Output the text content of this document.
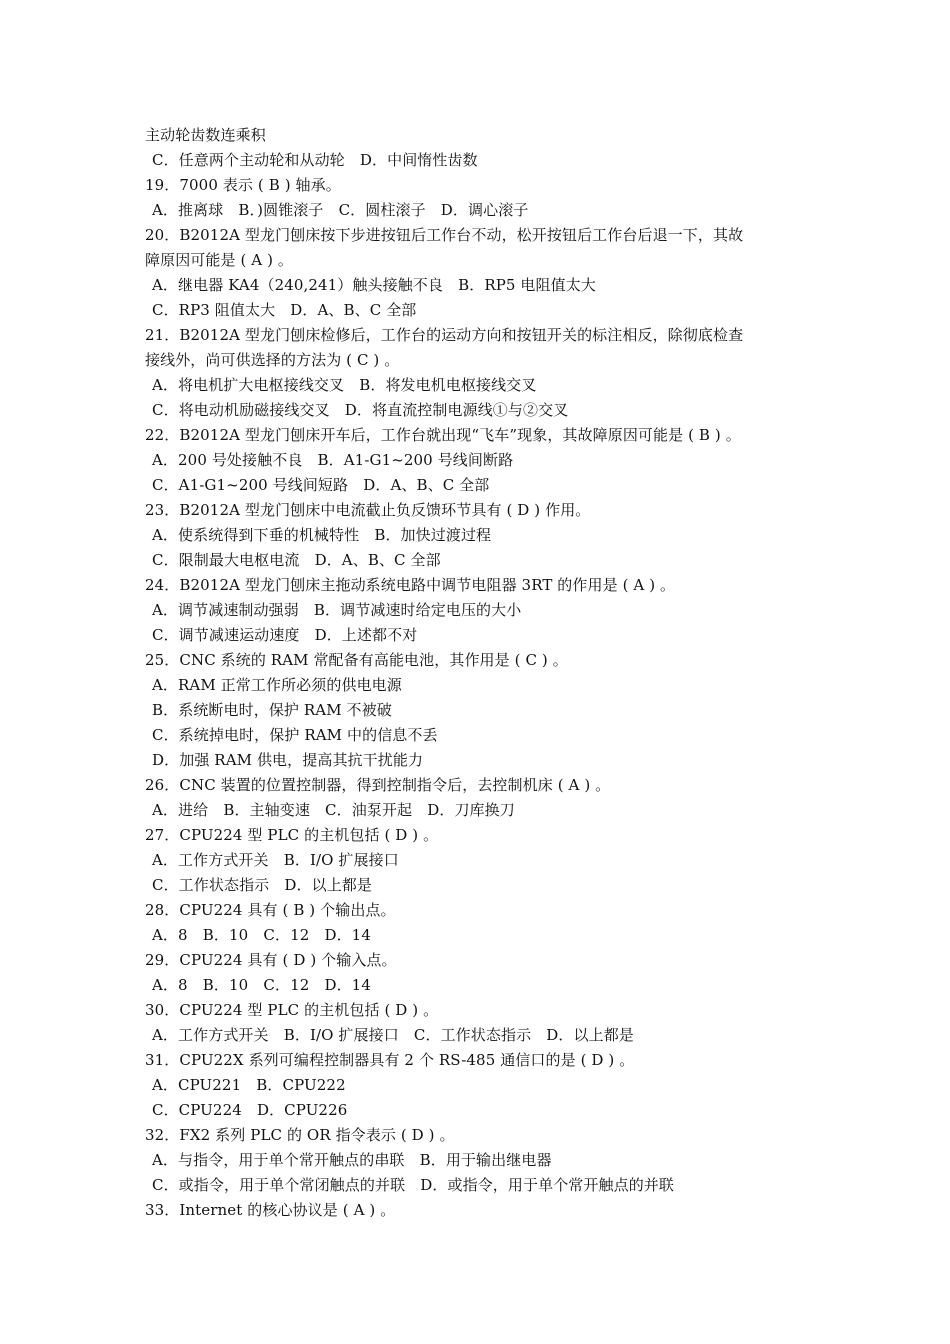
主动轮齿数连乘积
C．任意两个主动轮和从动轮　D．中间惰性齿数
19．7000 表示 ( B ) 轴承。
A．推离球　B．)圆锥滚子　C．圆柱滚子　D．调心滚子
20．B2012A 型龙门刨床按下步进按钮后工作台不动，松开按钮后工作台后退一下，其故
障原因可能是 ( A ) 。
A．继电器 KA4（240,241）触头接触不良　B．RP5 电阻值太大
C．RP3 阻值太大　D．A、B、C 全部
21．B2012A 型龙门刨床检修后，工作台的运动方向和按钮开关的标注相反，除彻底检查
接线外，尚可供选择的方法为 ( C ) 。
A．将电机扩大电枢接线交叉　B．将发电机电枢接线交叉
C．将电动机励磁接线交叉　D．将直流控制电源线①与②交叉
22．B2012A 型龙门刨床开车后，工作台就出现“飞车”现象，其故障原因可能是 ( B ) 。
A．200 号处接触不良　B．A1-G1~200 号线间断路
C．A1-G1~200 号线间短路　D．A、B、C 全部
23．B2012A 型龙门刨床中电流截止负反馈环节具有 ( D ) 作用。
A．使系统得到下垂的机械特性　B．加快过渡过程
C．限制最大电枢电流　D．A、B、C 全部
24．B2012A 型龙门刨床主拖动系统电路中调节电阻器 3RT 的作用是 ( A ) 。
A．调节减速制动强弱　B．调节减速时给定电压的大小
C．调节减速运动速度　D．上述都不对
25．CNC 系统的 RAM 常配备有高能电池，其作用是 ( C ) 。
A．RAM 正常工作所必须的供电电源
B．系统断电时，保护 RAM 不被破
C．系统掉电时，保护 RAM 中的信息不丢
D．加强 RAM 供电，提高其抗干扰能力
26．CNC 装置的位置控制器，得到控制指令后，去控制机床 ( A ) 。
A．进给　B．主轴变速　C．油泵开起　D．刀库换刀
27．CPU224 型 PLC 的主机包括 ( D ) 。
A．工作方式开关　B．I/O 扩展接口
C．工作状态指示　D．以上都是
28．CPU224 具有 ( B ) 个输出点。
A．8　B．10　C．12　D．14
29．CPU224 具有 ( D ) 个输入点。
A．8　B．10　C．12　D．14
30．CPU224 型 PLC 的主机包括 ( D ) 。
A．工作方式开关　B．I/O 扩展接口　C．工作状态指示　D．以上都是
31．CPU22X 系列可编程控制器具有 2 个 RS-485 通信口的是 ( D ) 。
A．CPU221　B．CPU222
C．CPU224　D．CPU226
32．FX2 系列 PLC 的 OR 指令表示 ( D ) 。
A．与指令，用于单个常开触点的串联　B．用于输出继电器
C．或指令，用于单个常闭触点的并联　D．或指令，用于单个常开触点的并联
33．Internet 的核心协议是 ( A ) 。
